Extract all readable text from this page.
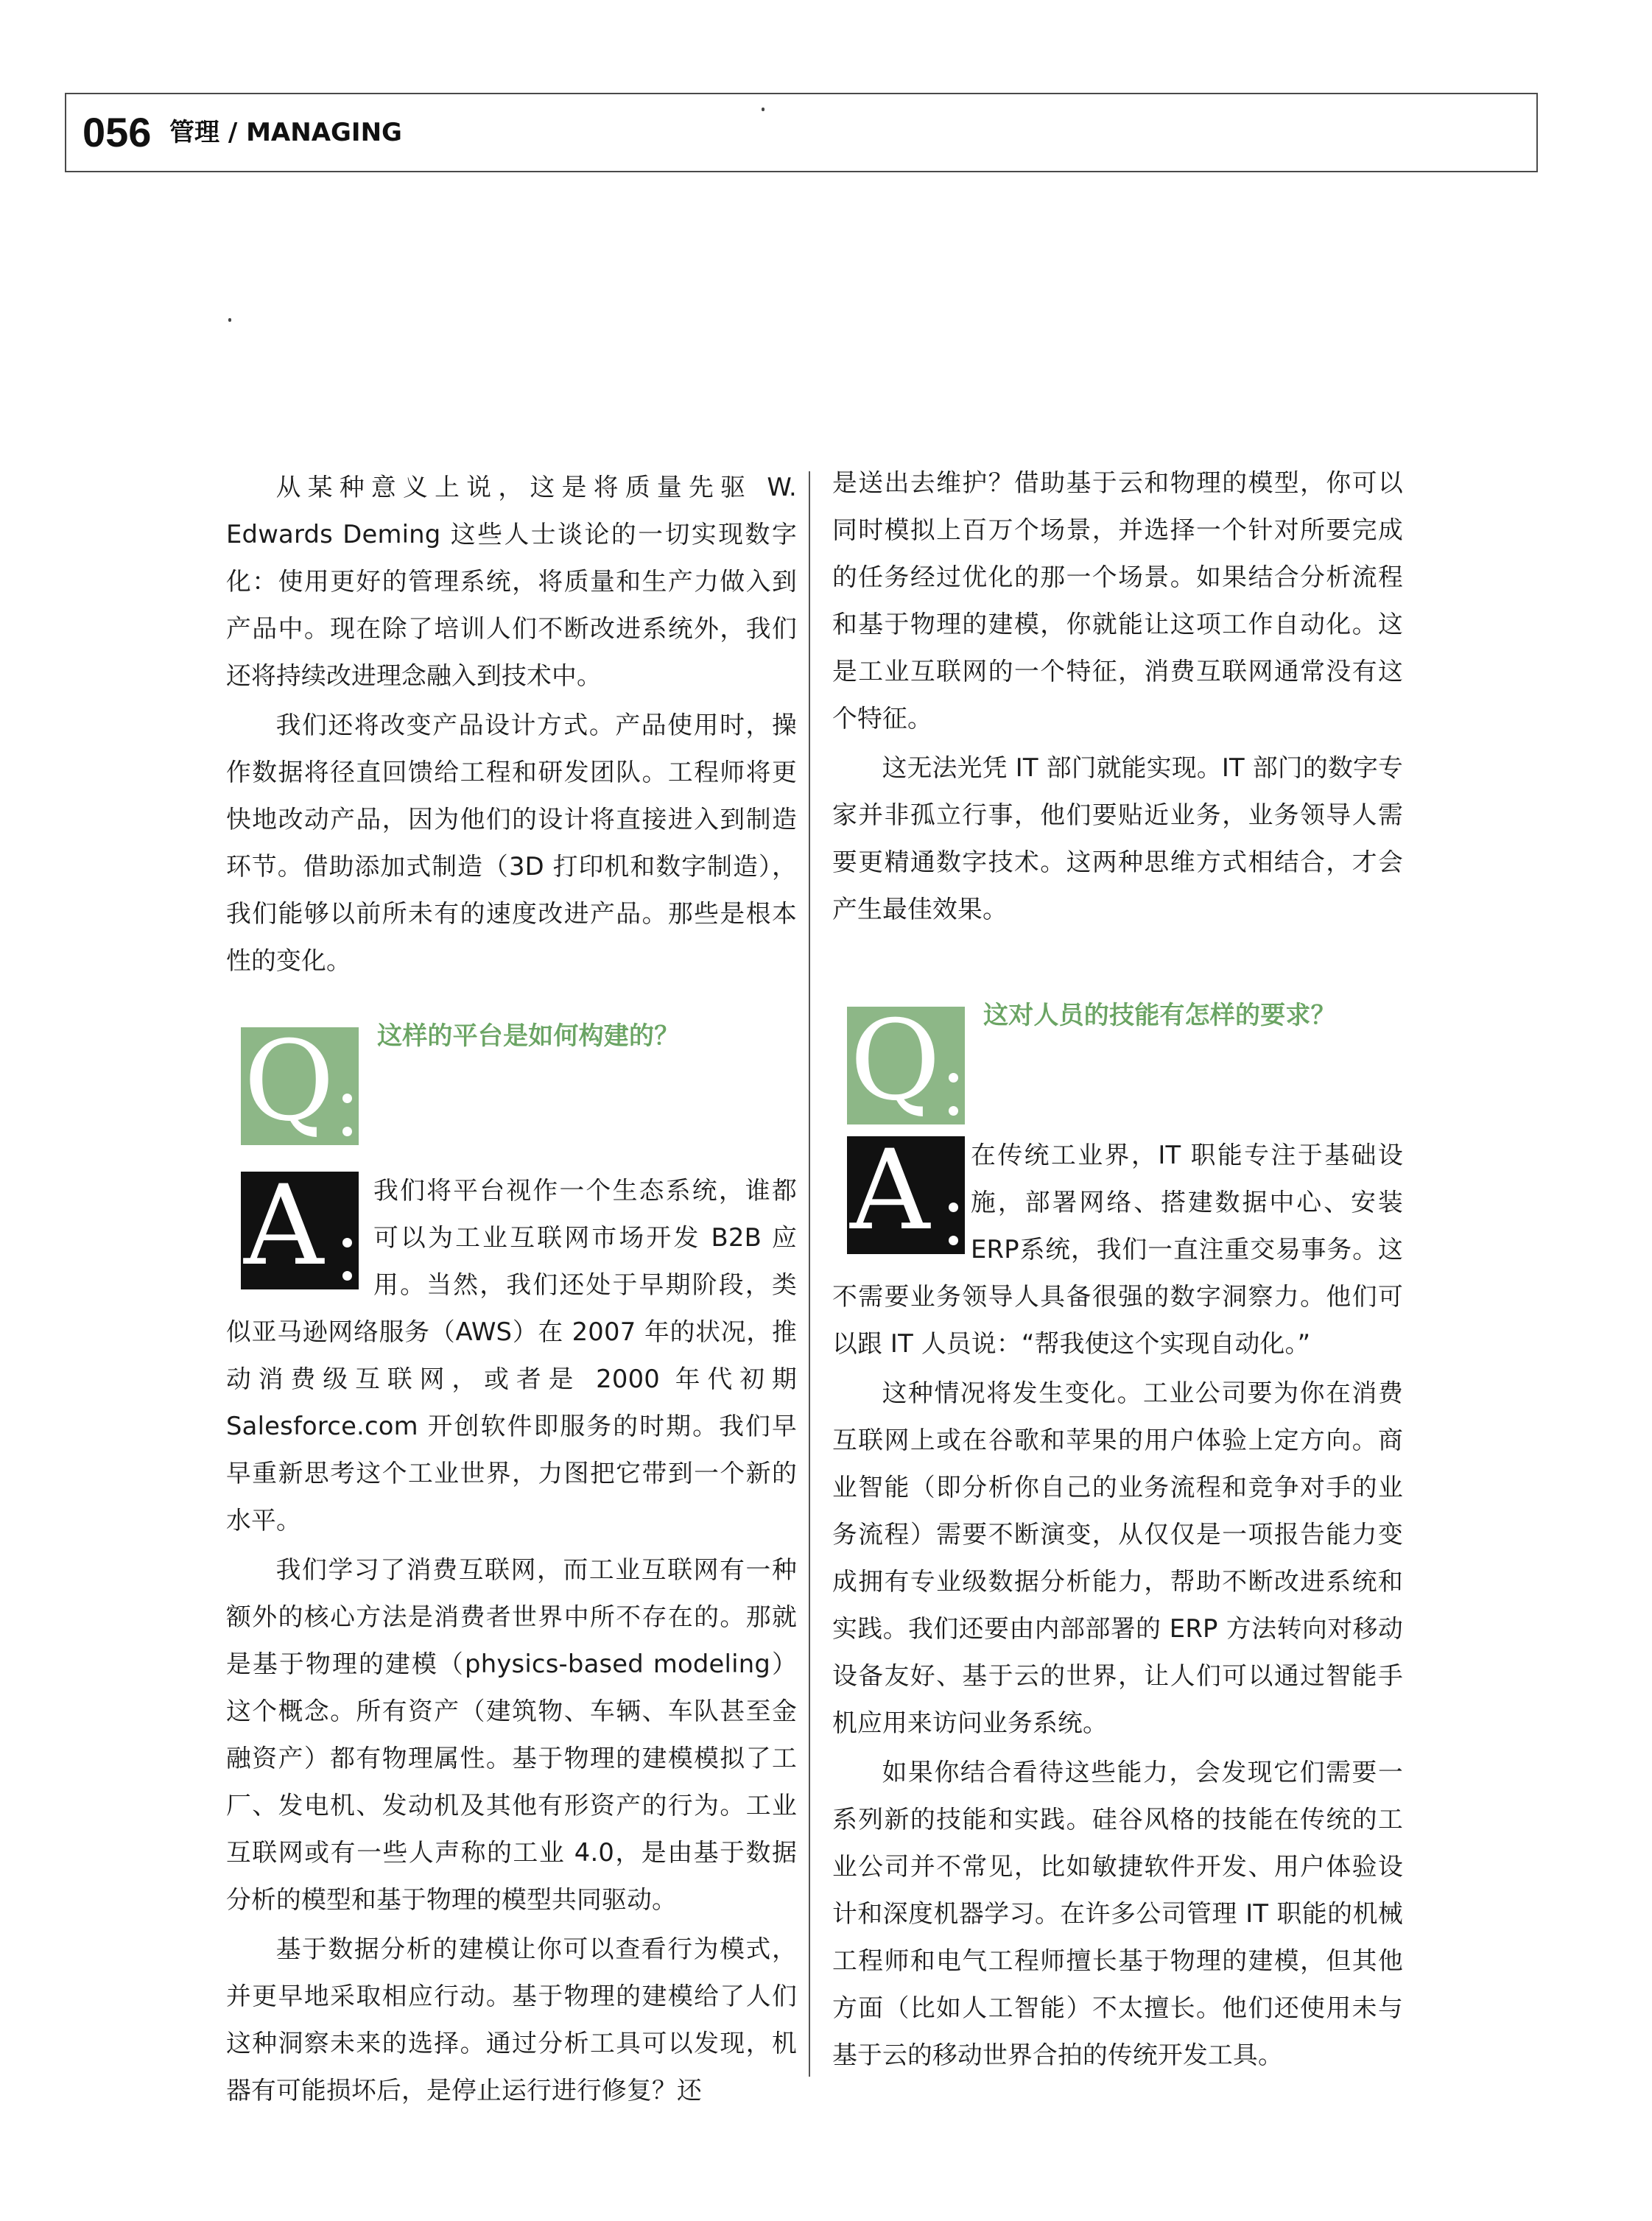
056 管理 / MANAGING

从某种意义上说，这是将质量先驱 W. Edwards Deming 这些人士谈论的一切实现数字化：使用更好的管理系统，将质量和生产力做入到产品中。现在除了培训人们不断改进系统外，我们还将持续改进理念融入到技术中。

我们还将改变产品设计方式。产品使用时，操作数据将径直回馈给工程和研发团队。工程师将更快地改动产品，因为他们的设计将直接进入到制造环节。借助添加式制造（3D 打印机和数字制造），我们能够以前所未有的速度改进产品。那些是根本性的变化。

Q 这样的平台是如何构建的？
A	我们将平台视作一个生态系统，谁都可以为工业互联网市场开发 B2B 应用。当然，我们还处于早期阶段，类似亚马逊网络服务（AWS）在 2007 年的状况，推动消费级互联网，或者是 2000 年代初期 Salesforce.com 开创软件即服务的时期。我们早早重新思考这个工业世界，力图把它带到一个新的水平。

我们学习了消费互联网，而工业互联网有一种额外的核心方法是消费者世界中所不存在的。那就是基于物理的建模（physics-based modeling）这个概念。所有资产（建筑物、车辆、车队甚至金融资产）都有物理属性。基于物理的建模模拟了工厂、发电机、发动机及其他有形资产的行为。工业互联网或有一些人声称的工业 4.0，是由基于数据分析的模型和基于物理的模型共同驱动。

基于数据分析的建模让你可以查看行为模式，并更早地采取相应行动。基于物理的建模给了人们这种洞察未来的选择。通过分析工具可以发现，机器有可能损坏后，是停止运行进行修复？还

是送出去维护？借助基于云和物理的模型，你可以同时模拟上百万个场景，并选择一个针对所要完成的任务经过优化的那一个场景。如果结合分析流程和基于物理的建模，你就能让这项工作自动化。这是工业互联网的一个特征，消费互联网通常没有这个特征。

这无法光凭 IT 部门就能实现。IT 部门的数字专家并非孤立行事，他们要贴近业务，业务领导人需要更精通数字技术。这两种思维方式相结合，才会产生最佳效果。

Q 这对人员的技能有怎样的要求？
A	在传统工业界，IT 职能专注于基础设施，部署网络、搭建数据中心、安装ERP系统，我们一直注重交易事务。这不需要业务领导人具备很强的数字洞察力。他们可以跟 IT 人员说：“帮我使这个实现自动化。”

这种情况将发生变化。工业公司要为你在消费互联网上或在谷歌和苹果的用户体验上定方向。商业智能（即分析你自己的业务流程和竞争对手的业务流程）需要不断演变，从仅仅是一项报告能力变成拥有专业级数据分析能力，帮助不断改进系统和实践。我们还要由内部部署的 ERP 方法转向对移动设备友好、基于云的世界，让人们可以通过智能手机应用来访问业务系统。

如果你结合看待这些能力，会发现它们需要一系列新的技能和实践。硅谷风格的技能在传统的工业公司并不常见，比如敏捷软件开发、用户体验设计和深度机器学习。在许多公司管理 IT 职能的机械工程师和电气工程师擅长基于物理的建模，但其他方面（比如人工智能）不太擅长。他们还使用未与基于云的移动世界合拍的传统开发工具。
